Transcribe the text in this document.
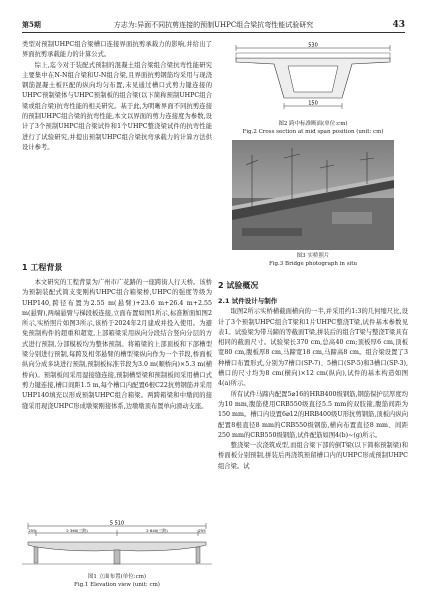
第5期	方志为:异面不同抗剪连接的预制UHPC组合梁抗弯性能试验研究	43

类型对预制UHPC组合梁槽口连接界面抗剪承载力的影响,并给出了界面抗剪承载能力的计算公式。

综上,迄今对于装配式预制的混凝土组合梁组合梁抗弯性能研究主要集中在N-N组合梁和U-N组合梁,且界面抗剪钢筋均采用与现浇钢筋混凝土板匹配的纵向均匀布置,未见通过槽口式剪力键连接的UHPC预制梁体与UHPC预制板的组合梁(以下简称预制UHPC组合梁或组合梁)抗弯性能的相关研究。基于此,为明晰界面不同抗剪连接的预制UHPC组合梁的抗弯性能,本文以界面的剪力连接度为参数,设计了3个预制UHPC组合梁试件和1个UHPC整浇梁试件的抗弯性能进行了试验研究,并提出预制UHPC组合梁抗弯承载力的计算方法供设计参考。

1 工程背景

本文研究的工程背景为广州市广花路的一座跨街人行天桥。该桥为预制装配式简支变刚构UHPC组合箱梁桥,UHPC的强度等级为UHP140,跨径布置为2.55 m(悬臂)+23.6 m+26.4 m+2.55 m(悬臂),两端悬臂与梯段板连接,立面布置如图1所示,标准断面如图2所示,实桥照片如图3所示,该桥于2024年2月建成并投入使用。为避免预制构件的超重和超宽,上部箱梁采用纵向分段结合竖向分层的方式进行预制,分部模板均为整体预制。将箱梁的上部顶板和下部槽型梁分别进行预制,每跨及相邻悬臂的槽型梁纵向作为一个节段,桥面板纵向分成多块进行预制,预制板标准节段为3.0 m(顺桥向)×5.3 m(横桥向)。预制板间采用湿接缝连接,预制槽型梁和预制板间采用槽口式剪力键连接,槽口间距1.5 m,每个槽口内配置6根C22抗剪钢筋并采用UHP140填充以形成预制UHPC组合箱梁。两跨箱梁和中墩间的接缝采用现浇UHPC形成墩梁刚接体系,边墩墩顶布置单向滑动支座。

5 510
255	2 360(三跨)	2 640(三跨)	255
图1 立面布置(单位:cm)
Fig.1 Elevation view (unit: cm)
530
150
图2 跨中标准断面(单位:cm)
Fig.2 Cross section at mid span position (unit: cm)
图3 实桥照片
Fig.3 Bridge photograph in situ
2 试验概况
2.1 试件设计与制作

取图2所示实桥横截面横向的一半,并采用约1:3的几何缩尺比,设计了3个预制UHPC组合T梁和1片UHPC整浇T梁,试件基本参数见表1。试验梁为带马蹄的等截面T梁,拼装后的组合T梁与整浇T梁具有相同的截面尺寸。试验梁长370 cm,总高40 cm;顶板厚6 cm,顶板宽80 cm,腹板厚8 cm,马蹄宽18 cm,马蹄高8 cm。组合梁设置了3种槽口布置形式,分别为7槽口(SP-7)、5槽口(SP-5)和3槽口(SP-3),槽口的尺寸均为8 cm(横向)×12 cm(纵向),试件的基本构造如图4(a)所示。

所有试件马蹄内配置5⌀16的HRB400级钢筋,钢筋保护层厚度均为10 mm,腹筋使用CRB550级直径5.5 mm的双肢箍,腹筋间距为150 mm。槽口内设置6⌀12的HRB400级U形抗剪钢筋,顶板内纵向配置8根直径8 mm的CRB550级钢筋,横向布置直径8 mm、间距250 mm的CRB550级钢筋,试件配筋如图4(b)~(g)所示。

整浇梁一次浇筑成型,而组合梁下部的倒T梁(以下简称预制梁)和桥面板分别预制,拼装后再浇筑预留槽口内的UHPC形成预制UHPC组合梁。试
